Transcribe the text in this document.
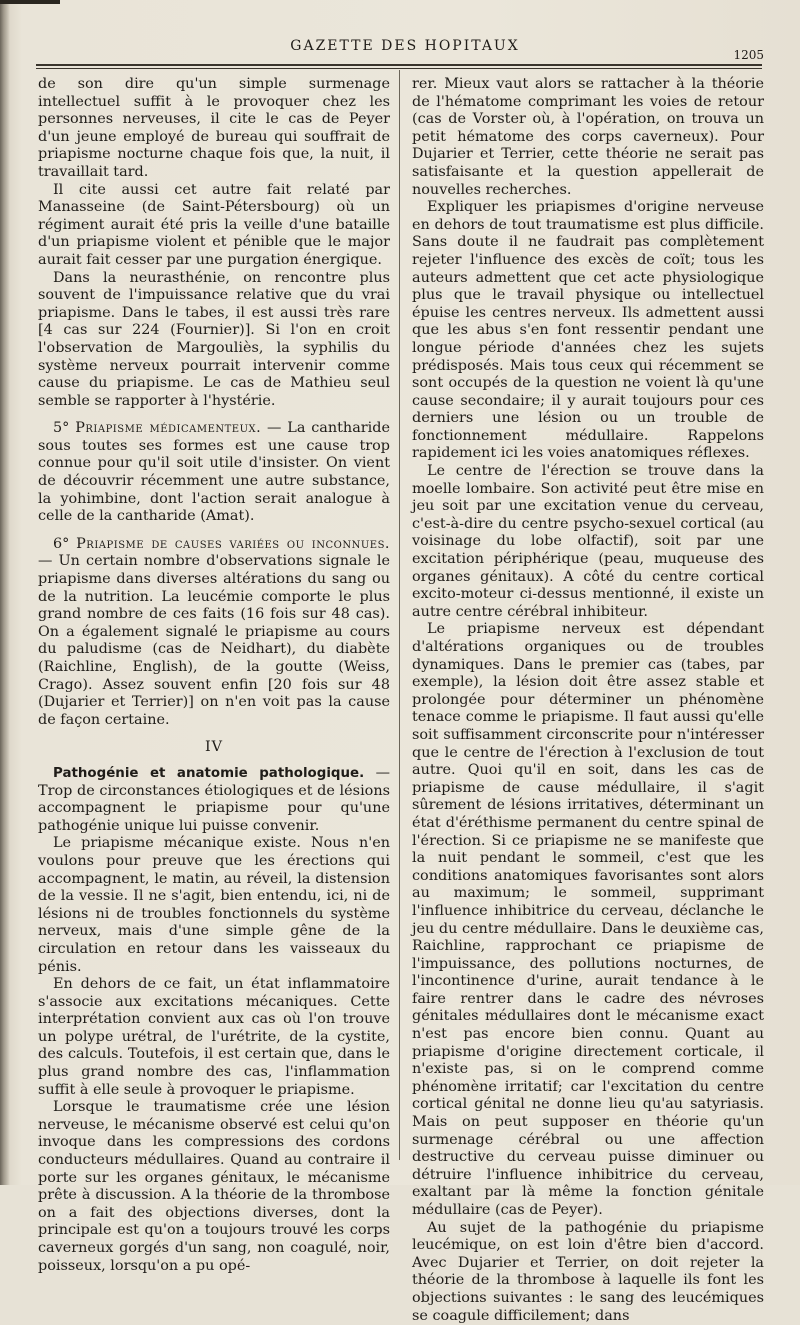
GAZETTE DES HOPITAUX
1205

de son dire qu'un simple surmenage intellectuel suffit à le provoquer chez les personnes nerveuses, il cite le cas de Peyer d'un jeune employé de bureau qui souffrait de priapisme nocturne chaque fois que, la nuit, il travaillait tard.

Il cite aussi cet autre fait relaté par Manasseine (de Saint-Pétersbourg) où un régiment aurait été pris la veille d'une bataille d'un priapisme violent et pénible que le major aurait fait cesser par une purgation énergique.

Dans la neurasthénie, on rencontre plus souvent de l'impuissance relative que du vrai priapisme. Dans le tabes, il est aussi très rare [4 cas sur 224 (Fournier)]. Si l'on en croit l'observation de Margouliès, la syphilis du système nerveux pourrait intervenir comme cause du priapisme. Le cas de Mathieu seul semble se rapporter à l'hystérie.

5° Priapisme médicamenteux. — La cantharide sous toutes ses formes est une cause trop connue pour qu'il soit utile d'insister. On vient de découvrir récemment une autre substance, la yohimbine, dont l'action serait analogue à celle de la cantharide (Amat).

6° Priapisme de causes variées ou inconnues. — Un certain nombre d'observations signale le priapisme dans diverses altérations du sang ou de la nutrition. La leucémie comporte le plus grand nombre de ces faits (16 fois sur 48 cas). On a également signalé le priapisme au cours du paludisme (cas de Neidhart), du diabète (Raichline, English), de la goutte (Weiss, Crago). Assez souvent enfin [20 fois sur 48 (Dujarier et Terrier)] on n'en voit pas la cause de façon certaine.

IV

Pathogénie et anatomie pathologique. — Trop de circonstances étiologiques et de lésions accompagnent le priapisme pour qu'une pathogénie unique lui puisse convenir.

Le priapisme mécanique existe. Nous n'en voulons pour preuve que les érections qui accompagnent, le matin, au réveil, la distension de la vessie. Il ne s'agit, bien entendu, ici, ni de lésions ni de troubles fonctionnels du système nerveux, mais d'une simple gêne de la circulation en retour dans les vaisseaux du pénis.

En dehors de ce fait, un état inflammatoire s'associe aux excitations mécaniques. Cette interprétation convient aux cas où l'on trouve un polype urétral, de l'urétrite, de la cystite, des calculs. Toutefois, il est certain que, dans le plus grand nombre des cas, l'inflammation suffit à elle seule à provoquer le priapisme.

Lorsque le traumatisme crée une lésion nerveuse, le mécanisme observé est celui qu'on invoque dans les compressions des cordons conducteurs médullaires. Quand au contraire il porte sur les organes génitaux, le mécanisme prête à discussion. A la théorie de la thrombose on a fait des objections diverses, dont la principale est qu'on a toujours trouvé les corps caverneux gorgés d'un sang, non coagulé, noir, poisseux, lorsqu'on a pu opé-

rer. Mieux vaut alors se rattacher à la théorie de l'hématome comprimant les voies de retour (cas de Vorster où, à l'opération, on trouva un petit hématome des corps caverneux). Pour Dujarier et Terrier, cette théorie ne serait pas satisfaisante et la question appellerait de nouvelles recherches.

Expliquer les priapismes d'origine nerveuse en dehors de tout traumatisme est plus difficile. Sans doute il ne faudrait pas complètement rejeter l'influence des excès de coït; tous les auteurs admettent que cet acte physiologique plus que le travail physique ou intellectuel épuise les centres nerveux. Ils admettent aussi que les abus s'en font ressentir pendant une longue période d'années chez les sujets prédisposés. Mais tous ceux qui récemment se sont occupés de la question ne voient là qu'une cause secondaire; il y aurait toujours pour ces derniers une lésion ou un trouble de fonctionnement médullaire. Rappelons rapidement ici les voies anatomiques réflexes.

Le centre de l'érection se trouve dans la moelle lombaire. Son activité peut être mise en jeu soit par une excitation venue du cerveau, c'est-à-dire du centre psycho-sexuel cortical (au voisinage du lobe olfactif), soit par une excitation périphérique (peau, muqueuse des organes génitaux). A côté du centre cortical excito-moteur ci-dessus mentionné, il existe un autre centre cérébral inhibiteur.

Le priapisme nerveux est dépendant d'altérations organiques ou de troubles dynamiques. Dans le premier cas (tabes, par exemple), la lésion doit être assez stable et prolongée pour déterminer un phénomène tenace comme le priapisme. Il faut aussi qu'elle soit suffisamment circonscrite pour n'intéresser que le centre de l'érection à l'exclusion de tout autre. Quoi qu'il en soit, dans les cas de priapisme de cause médullaire, il s'agit sûrement de lésions irritatives, déterminant un état d'éréthisme permanent du centre spinal de l'érection. Si ce priapisme ne se manifeste que la nuit pendant le sommeil, c'est que les conditions anatomiques favorisantes sont alors au maximum; le sommeil, supprimant l'influence inhibitrice du cerveau, déclanche le jeu du centre médullaire. Dans le deuxième cas, Raichline, rapprochant ce priapisme de l'impuissance, des pollutions nocturnes, de l'incontinence d'urine, aurait tendance à le faire rentrer dans le cadre des névroses génitales médullaires dont le mécanisme exact n'est pas encore bien connu. Quant au priapisme d'origine directement corticale, il n'existe pas, si on le comprend comme phénomène irritatif; car l'excitation du centre cortical génital ne donne lieu qu'au satyriasis. Mais on peut supposer en théorie qu'un surmenage cérébral ou une affection destructive du cerveau puisse diminuer ou détruire l'influence inhibitrice du cerveau, exaltant par là même la fonction génitale médullaire (cas de Peyer).

Au sujet de la pathogénie du priapisme leucémique, on est loin d'être bien d'accord. Avec Dujarier et Terrier, on doit rejeter la théorie de la thrombose à laquelle ils font les objections suivantes : le sang des leucémiques se coagule difficilement; dans
